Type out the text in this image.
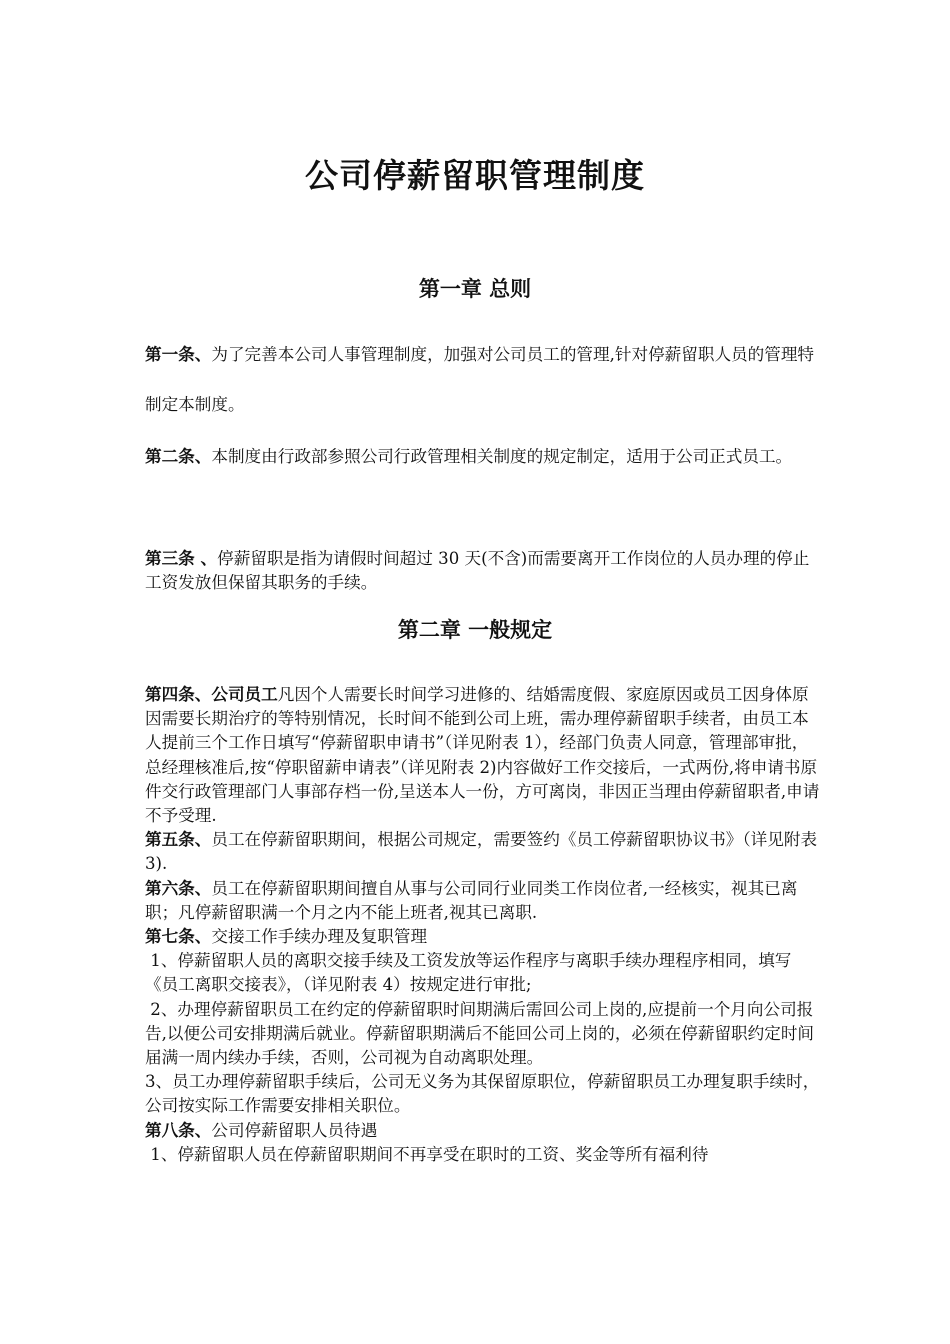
公司停薪留职管理制度
第一章 总则
第一条、为了完善本公司人事管理制度，加强对公司员工的管理,针对停薪留职人员的管理特制定本制度。
第二条、本制度由行政部参照公司行政管理相关制度的规定制定，适用于公司正式员工。
第三条 、停薪留职是指为请假时间超过 30 天(不含)而需要离开工作岗位的人员办理的停止工资发放但保留其职务的手续。
第二章 一般规定
第四条、公司员工凡因个人需要长时间学习进修的、结婚需度假、家庭原因或员工因身体原因需要长期治疗的等特别情况，长时间不能到公司上班，需办理停薪留职手续者，由员工本人提前三个工作日填写“停薪留职申请书”（详见附表 1），经部门负责人同意，管理部审批，总经理核准后,按“停职留薪申请表”（详见附表 2)内容做好工作交接后，一式两份,将申请书原件交行政管理部门人事部存档一份,呈送本人一份，方可离岗，非因正当理由停薪留职者,申请不予受理.
第五条、员工在停薪留职期间，根据公司规定，需要签约《员工停薪留职协议书》（详见附表 3).
第六条、员工在停薪留职期间擅自从事与公司同行业同类工作岗位者,一经核实，视其已离职；凡停薪留职满一个月之内不能上班者,视其已离职.
第七条、交接工作手续办理及复职管理
1、停薪留职人员的离职交接手续及工资发放等运作程序与离职手续办理程序相同，填写《员工离职交接表》，（详见附表 4）按规定进行审批;
2、办理停薪留职员工在约定的停薪留职时间期满后需回公司上岗的,应提前一个月向公司报告,以便公司安排期满后就业。停薪留职期满后不能回公司上岗的，必须在停薪留职约定时间届满一周内续办手续，否则，公司视为自动离职处理。
3、员工办理停薪留职手续后，公司无义务为其保留原职位，停薪留职员工办理复职手续时，公司按实际工作需要安排相关职位。
第八条、公司停薪留职人员待遇
1、停薪留职人员在停薪留职期间不再享受在职时的工资、奖金等所有福利待
